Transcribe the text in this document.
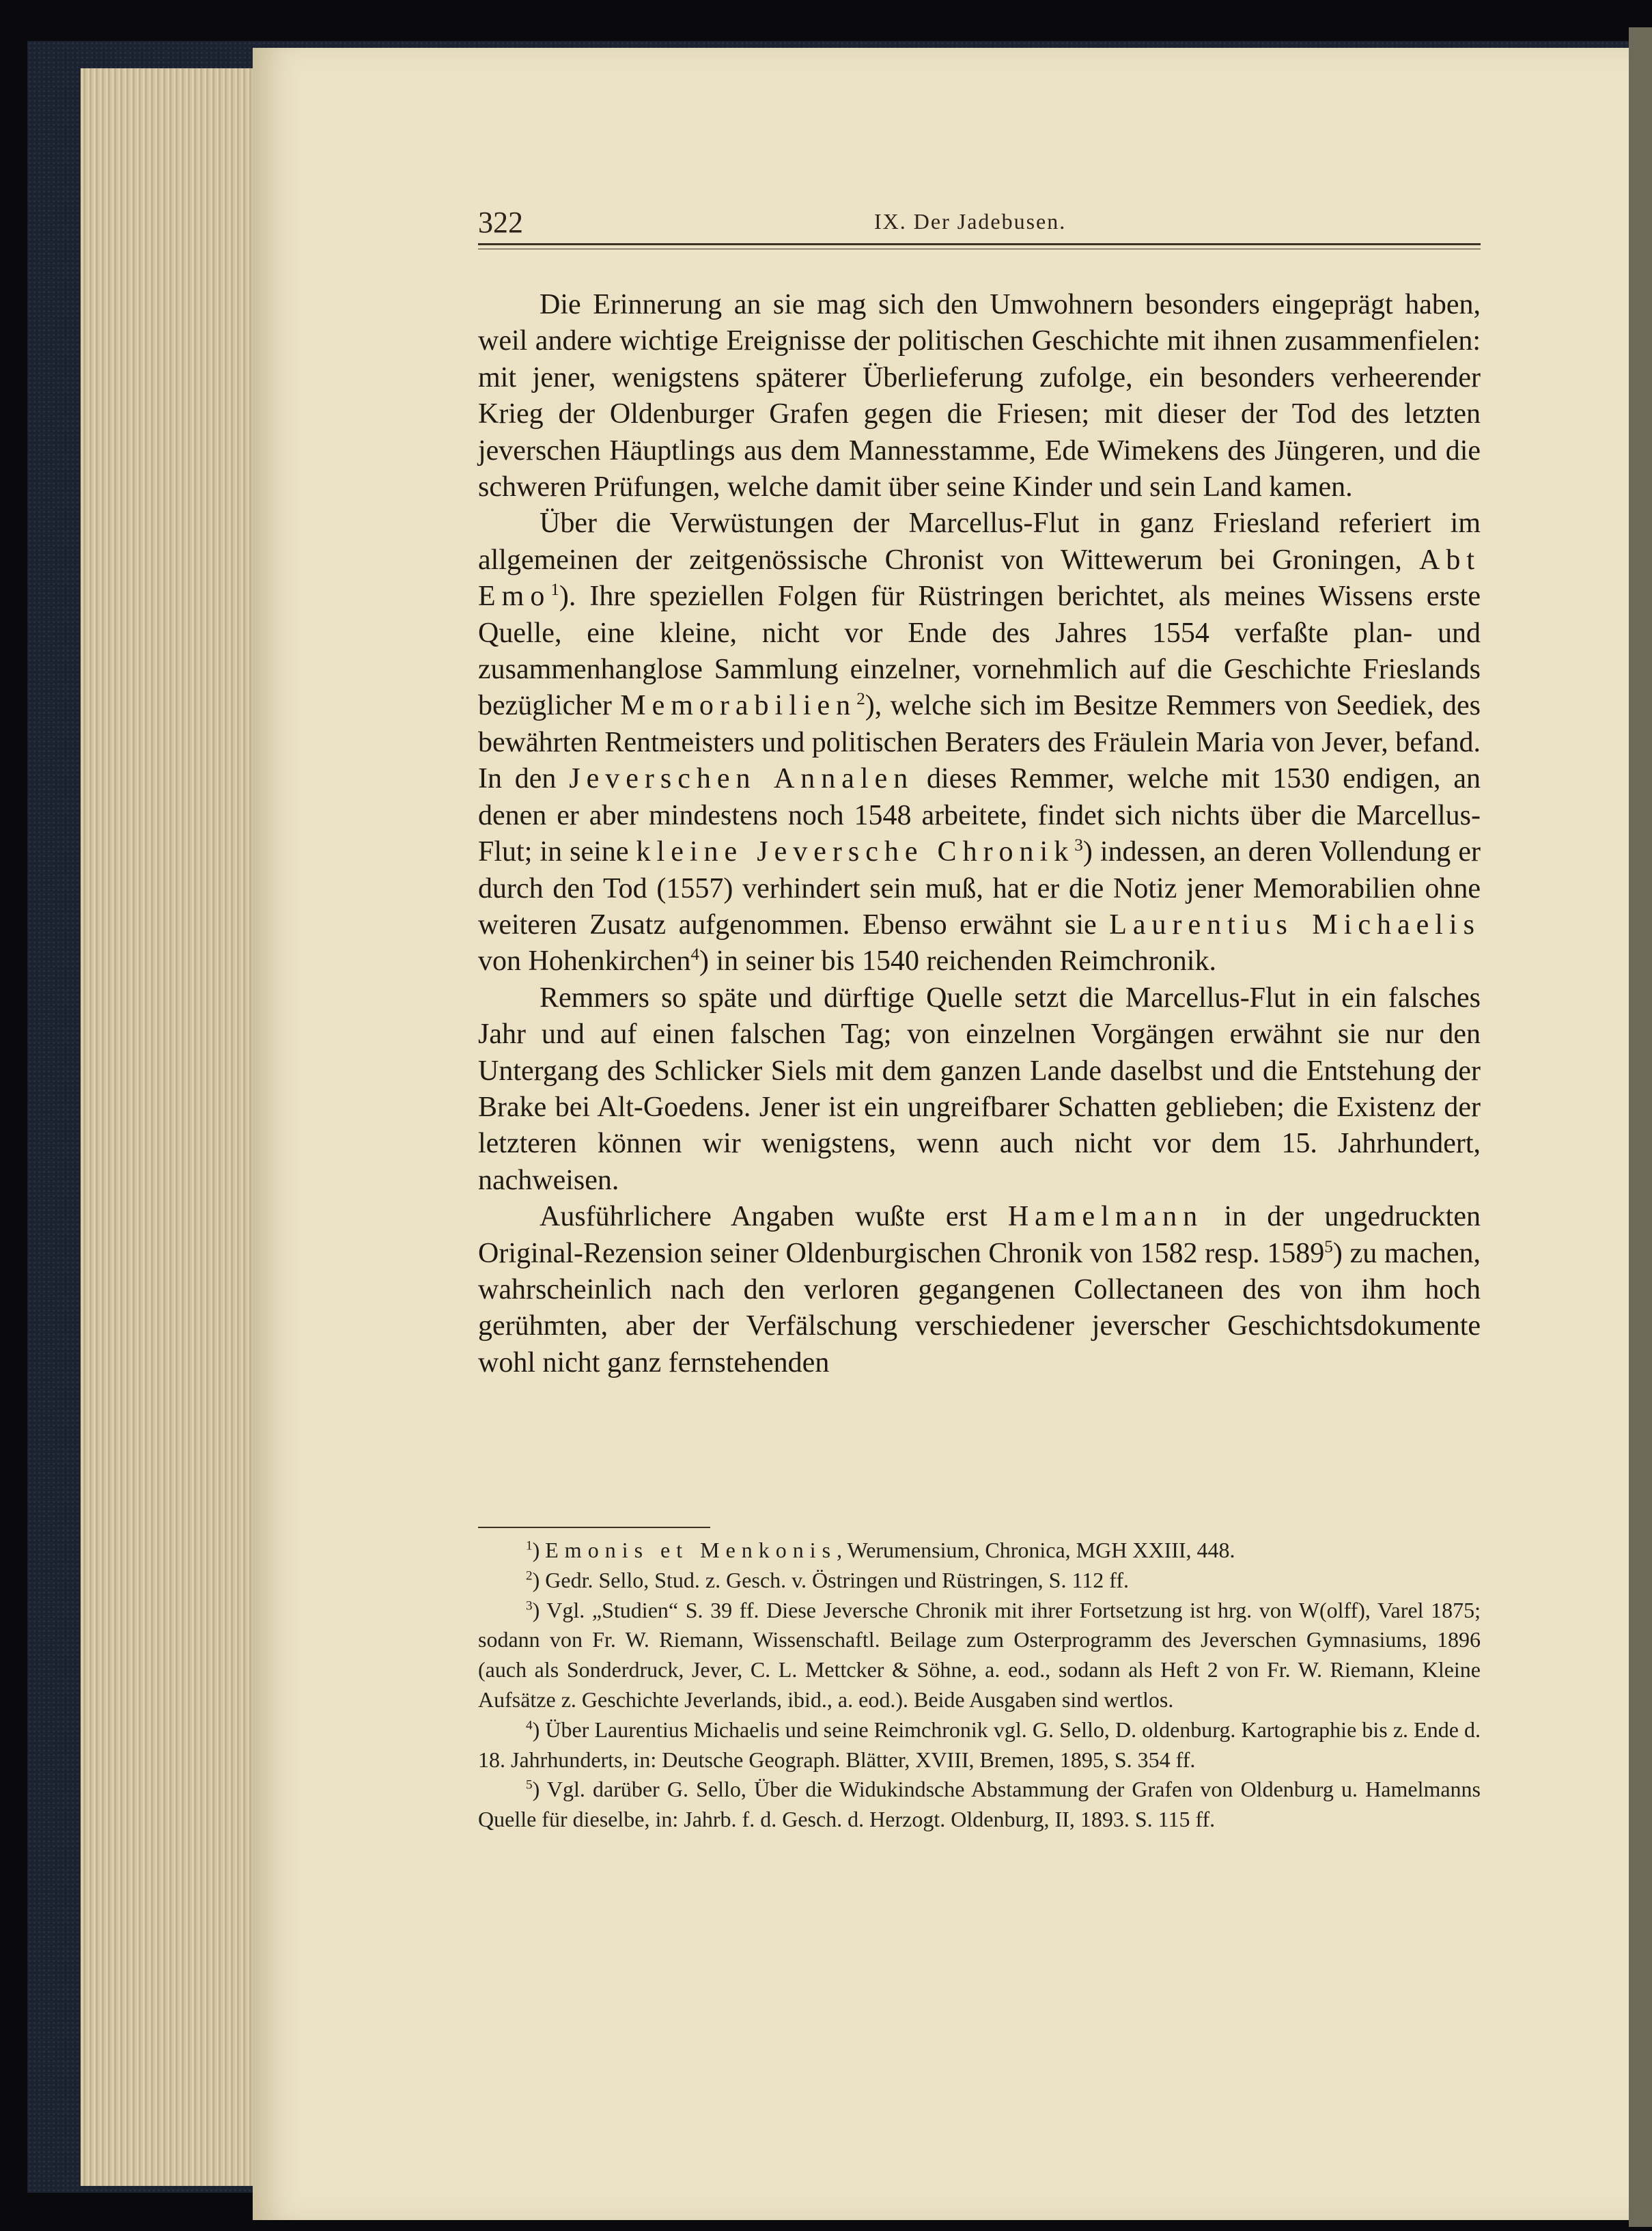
322	IX. Der Jadebusen.

Die Erinnerung an sie mag sich den Umwohnern besonders eingeprägt haben, weil andere wichtige Ereignisse der politischen Geschichte mit ihnen zusammenfielen: mit jener, wenigstens späterer Überlieferung zufolge, ein besonders verheerender Krieg der Oldenburger Grafen gegen die Friesen; mit dieser der Tod des letzten jeverschen Häuptlings aus dem Mannesstamme, Ede Wimekens des Jüngeren, und die schweren Prüfungen, welche damit über seine Kinder und sein Land kamen.

Über die Verwüstungen der Marcellus-Flut in ganz Friesland referiert im allgemeinen der zeitgenössische Chronist von Wittewerum bei Groningen, Abt Emo$^1$). Ihre speziellen Folgen für Rüstringen berichtet, als meines Wissens erste Quelle, eine kleine, nicht vor Ende des Jahres 1554 verfaßte plan- und zusammenhanglose Sammlung einzelner, vornehmlich auf die Geschichte Frieslands bezüglicher Memorabilien$^2$), welche sich im Besitze Remmers von Seediek, des bewährten Rentmeisters und politischen Beraters des Fräulein Maria von Jever, befand. In den Jeverschen Annalen dieses Remmer, welche mit 1530 endigen, an denen er aber mindestens noch 1548 arbeitete, findet sich nichts über die Marcellus-Flut; in seine kleine Jeversche Chronik$^3$) indessen, an deren Vollendung er durch den Tod (1557) verhindert sein muß, hat er die Notiz jener Memorabilien ohne weiteren Zusatz aufgenommen. Ebenso erwähnt sie Laurentius Michaelis von Hohenkirchen$^4$) in seiner bis 1540 reichenden Reimchronik.

Remmers so späte und dürftige Quelle setzt die Marcellus-Flut in ein falsches Jahr und auf einen falschen Tag; von einzelnen Vorgängen erwähnt sie nur den Untergang des Schlicker Siels mit dem ganzen Lande daselbst und die Entstehung der Brake bei Alt-Goedens. Jener ist ein ungreifbarer Schatten geblieben; die Existenz der letzteren können wir wenigstens, wenn auch nicht vor dem 15. Jahrhundert, nachweisen.

Ausführlichere Angaben wußte erst Hamelmann in der ungedruckten Original-Rezension seiner Oldenburgischen Chronik von 1582 resp. 1589$^5$) zu machen, wahrscheinlich nach den verloren gegangenen Collectaneen des von ihm hoch gerühmten, aber der Verfälschung verschiedener jeverscher Geschichtsdokumente wohl nicht ganz fernstehenden

$^1$) Emonis et Menkonis, Werumensium, Chronica, MGH XXIII, 448.

$^2$) Gedr. Sello, Stud. z. Gesch. v. Östringen und Rüstringen, S. 112 ff.

$^3$) Vgl. „Studien“ S. 39 ff. Diese Jeversche Chronik mit ihrer Fortsetzung ist hrg. von W(olff), Varel 1875; sodann von Fr. W. Riemann, Wissenschaftl. Beilage zum Osterprogramm des Jeverschen Gymnasiums, 1896 (auch als Sonderdruck, Jever, C. L. Mettcker & Söhne, a. eod., sodann als Heft 2 von Fr. W. Riemann, Kleine Aufsätze z. Geschichte Jeverlands, ibid., a. eod.). Beide Ausgaben sind wertlos.

$^4$) Über Laurentius Michaelis und seine Reimchronik vgl. G. Sello, D. oldenburg. Kartographie bis z. Ende d. 18. Jahrhunderts, in: Deutsche Geograph. Blätter, XVIII, Bremen, 1895, S. 354 ff.

$^5$) Vgl. darüber G. Sello, Über die Widukindsche Abstammung der Grafen von Oldenburg u. Hamelmanns Quelle für dieselbe, in: Jahrb. f. d. Gesch. d. Herzogt. Oldenburg, II, 1893. S. 115 ff.
